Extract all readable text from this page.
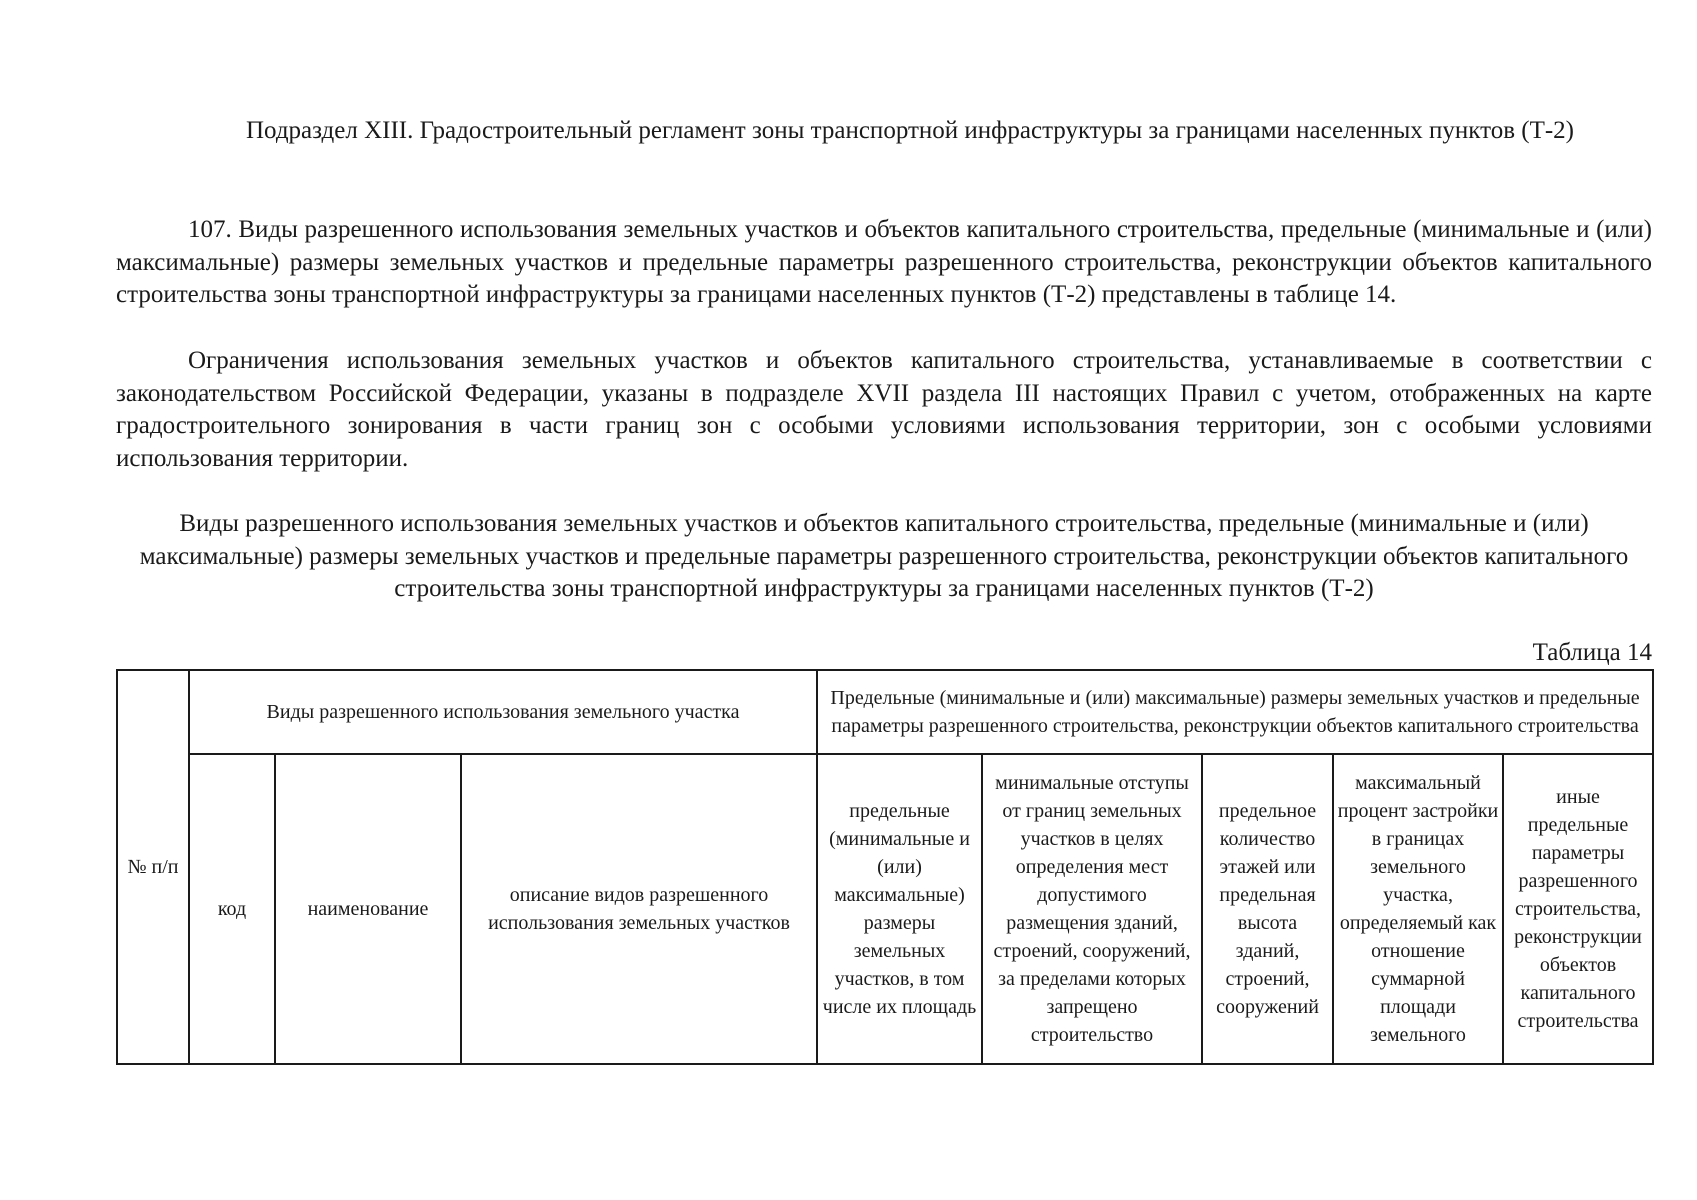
Подраздел XIII. Градостроительный регламент зоны транспортной инфраструктуры за границами населенных пунктов (Т-2)

107. Виды разрешенного использования земельных участков и объектов капитального строительства, предельные (минимальные и (или) максимальные) размеры земельных участков и предельные параметры разрешенного строительства, реконструкции объектов капитального строительства зоны транспортной инфраструктуры за границами населенных пунктов (Т-2) представлены в таблице 14.

Ограничения использования земельных участков и объектов капитального строительства, устанавливаемые в соответствии с законодательством Российской Федерации, указаны в подразделе XVII раздела III настоящих Правил с учетом, отображенных на карте градостроительного зонирования в части границ зон с особыми условиями использования территории, зон с особыми условиями использования территории.

Виды разрешенного использования земельных участков и объектов капитального строительства, предельные (минимальные и (или) максимальные) размеры земельных участков и предельные параметры разрешенного строительства, реконструкции объектов капитального строительства зоны транспортной инфраструктуры за границами населенных пунктов (Т-2)

Таблица 14
№ п/п	Виды разрешенного использования земельного участка			Предельные (минимальные и (или) максимальные) размеры земельных участков и предельные параметры разрешенного строительства, реконструкции объектов капитального строительства				
	код	наименование	описание видов разрешенного использования земельных участков	предельные (минимальные и (или) максимальные) размеры земельных участков, в том числе их площадь	минимальные отступы от границ земельных участков в целях определения мест допустимого размещения зданий, строений, сооружений, за пределами которых запрещено строительство	предельное количество этажей или предельная высота зданий, строений, сооружений	максимальный процент застройки в границах земельного участка, определяемый как отношение суммарной площади земельного	иные предельные параметры разрешенного строительства, реконструкции объектов капитального строительства
